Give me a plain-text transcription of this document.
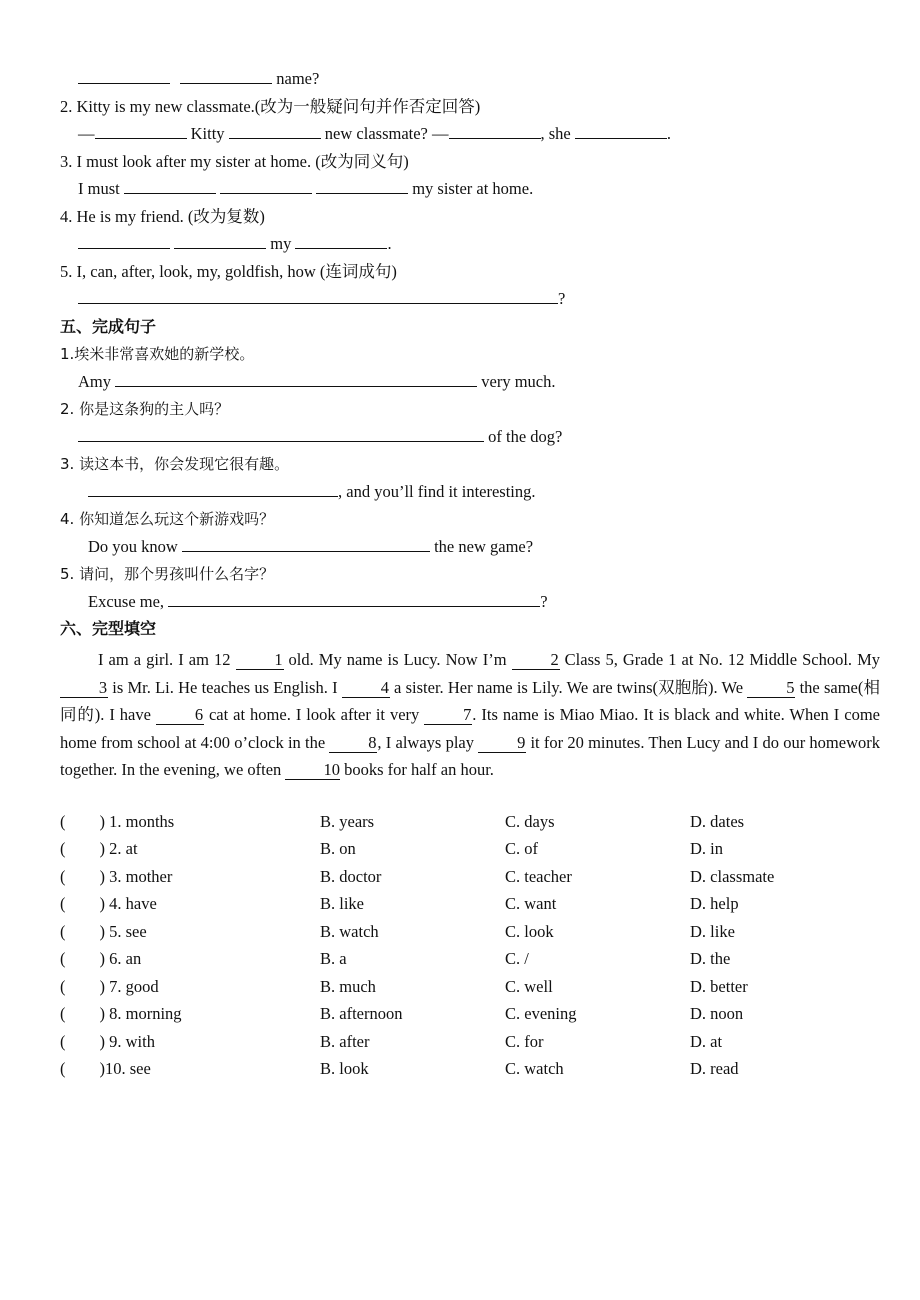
name?
2. Kitty is my new classmate.(改为一般疑问句并作否定回答)
—	Kitty	new classmate? —	, she	.
3. I must look after my sister at home. (改为同义句)
I must	my sister at home.
4. He is my friend. (改为复数)
my	.
5. I, can, after, look, my, goldfish, how (连词成句)
?
五、完成句子
1.埃米非常喜欢她的新学校。
Amy	very much.
2. 你是这条狗的主人吗？
of the dog?
3. 读这本书，你会发现它很有趣。
, and you’ll find it interesting.
4. 你知道怎么玩这个新游戏吗？
Do you know	the new game?
5. 请问，那个男孩叫什么名字？
Excuse me,	?
六、完型填空

I am a girl. I am 12 1 old. My name is Lucy. Now I’m 2 Class 5, Grade 1 at No. 12 Middle School. My 3 is Mr. Li. He teaches us English. I 4 a sister. Her name is Lily. We are twins(双胞胎). We 5 the same(相同的). I have 6 cat at home. I look after it very 7. Its name is Miao Miao. It is black and white. When I come home from school at 4:00 o’clock in the 8, I always play 9 it for 20 minutes. Then Lucy and I do our homework together. In the evening, we often 10 books for half an hour.

( ) 1. months	B. years	C. days	D. dates
( ) 2. at	B. on	C. of	D. in
( ) 3. mother	B. doctor	C. teacher	D. classmate
( ) 4. have	B. like	C. want	D. help
( ) 5. see	B. watch	C. look	D. like
( ) 6. an	B. a	C. /	D. the
( ) 7. good	B. much	C. well	D. better
( ) 8. morning	B. afternoon	C. evening	D. noon
( ) 9. with	B. after	C. for	D. at
( )10. see	B. look	C. watch	D. read
